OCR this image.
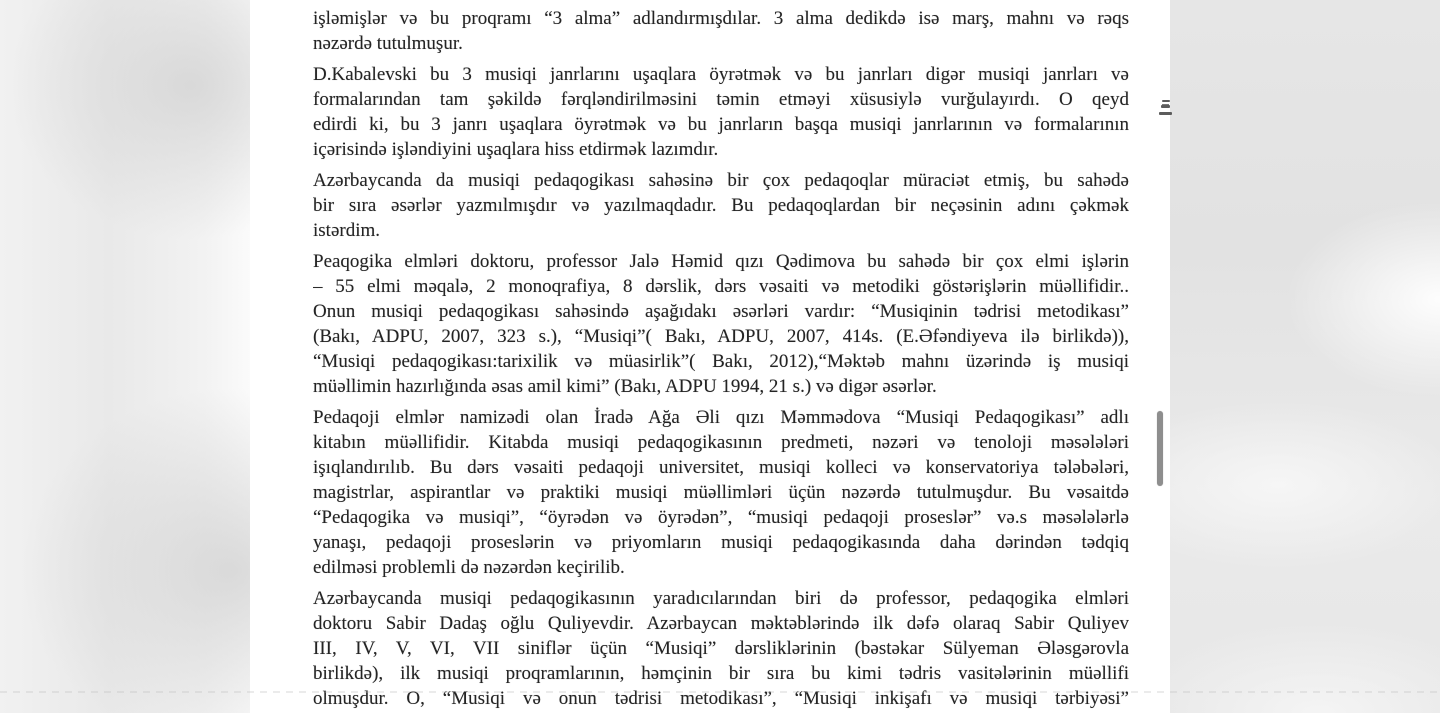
işləmişlər və bu proqramı “3 alma” adlandırmışdılar. 3 alma dedikdə isə marş, mahnı və rəqs
nəzərdə tutulmuşur.
D.Kabalevski bu 3 musiqi janrlarını uşaqlara öyrətmək və bu janrları digər musiqi janrları və
formalarından tam şəkildə fərqləndirilməsini təmin etməyi xüsusiylə vurğulayırdı. O qeyd
edirdi ki, bu 3 janrı uşaqlara öyrətmək və bu janrların başqa musiqi janrlarının və formalarının
içərisində işləndiyini uşaqlara hiss etdirmək lazımdır.
Azərbaycanda da musiqi pedaqogikası sahəsinə bir çox pedaqoqlar müraciət etmiş, bu sahədə
bir sıra əsərlər yazmılmışdır və yazılmaqdadır. Bu pedaqoqlardan bir neçəsinin adını çəkmək
istərdim.
Peaqogika elmləri doktoru, professor Jalə Həmid qızı Qədimova bu sahədə bir çox elmi işlərin
– 55 elmi məqalə, 2 monoqrafiya, 8 dərslik, dərs vəsaiti və metodiki göstərişlərin müəllifidir..
Onun musiqi pedaqogikası sahəsində aşağıdakı əsərləri vardır: “Musiqinin tədrisi metodikası”
(Bakı, ADPU, 2007, 323 s.), “Musiqi”( Bakı, ADPU, 2007, 414s. (E.Əfəndiyeva ilə birlikdə)),
“Musiqi pedaqogikası:tarixilik və müasirlik”( Bakı, 2012),“Məktəb mahnı üzərində iş musiqi
müəllimin hazırlığında əsas amil kimi” (Bakı, ADPU 1994, 21 s.) və digər əsərlər.
Pedaqoji elmlər namizədi olan İradə Ağa Əli qızı Məmmədova “Musiqi Pedaqogikası” adlı
kitabın müəllifidir. Kitabda musiqi pedaqogikasının predmeti, nəzəri və tenoloji məsələləri
işıqlandırılıb. Bu dərs vəsaiti pedaqoji universitet, musiqi kolleci və konservatoriya tələbələri,
magistrlar, aspirantlar və praktiki musiqi müəllimləri üçün nəzərdə tutulmuşdur. Bu vəsaitdə
“Pedaqogika və musiqi”, “öyrədən və öyrədən”, “musiqi pedaqoji proseslər” və.s məsələlərlə
yanaşı, pedaqoji proseslərin və priyomların musiqi pedaqogikasında daha dərindən tədqiq
edilməsi problemli də nəzərdən keçirilib.
Azərbaycanda musiqi pedaqogikasının yaradıcılarından biri də professor, pedaqogika elmləri
doktoru Sabir Dadaş oğlu Quliyevdir. Azərbaycan məktəblərində ilk dəfə olaraq Sabir Quliyev
III, IV, V, VI, VII siniflər üçün “Musiqi” dərsliklərinin (bəstəkar Sülyeman Ələsgərovla
birlikdə), ilk musiqi proqramlarının, həmçinin bir sıra bu kimi tədris vasitələrinin müəllifi
olmuşdur. O, “Musiqi və onun tədrisi metodikası”, “Musiqi inkişafı və musiqi tərbiyəsi”
